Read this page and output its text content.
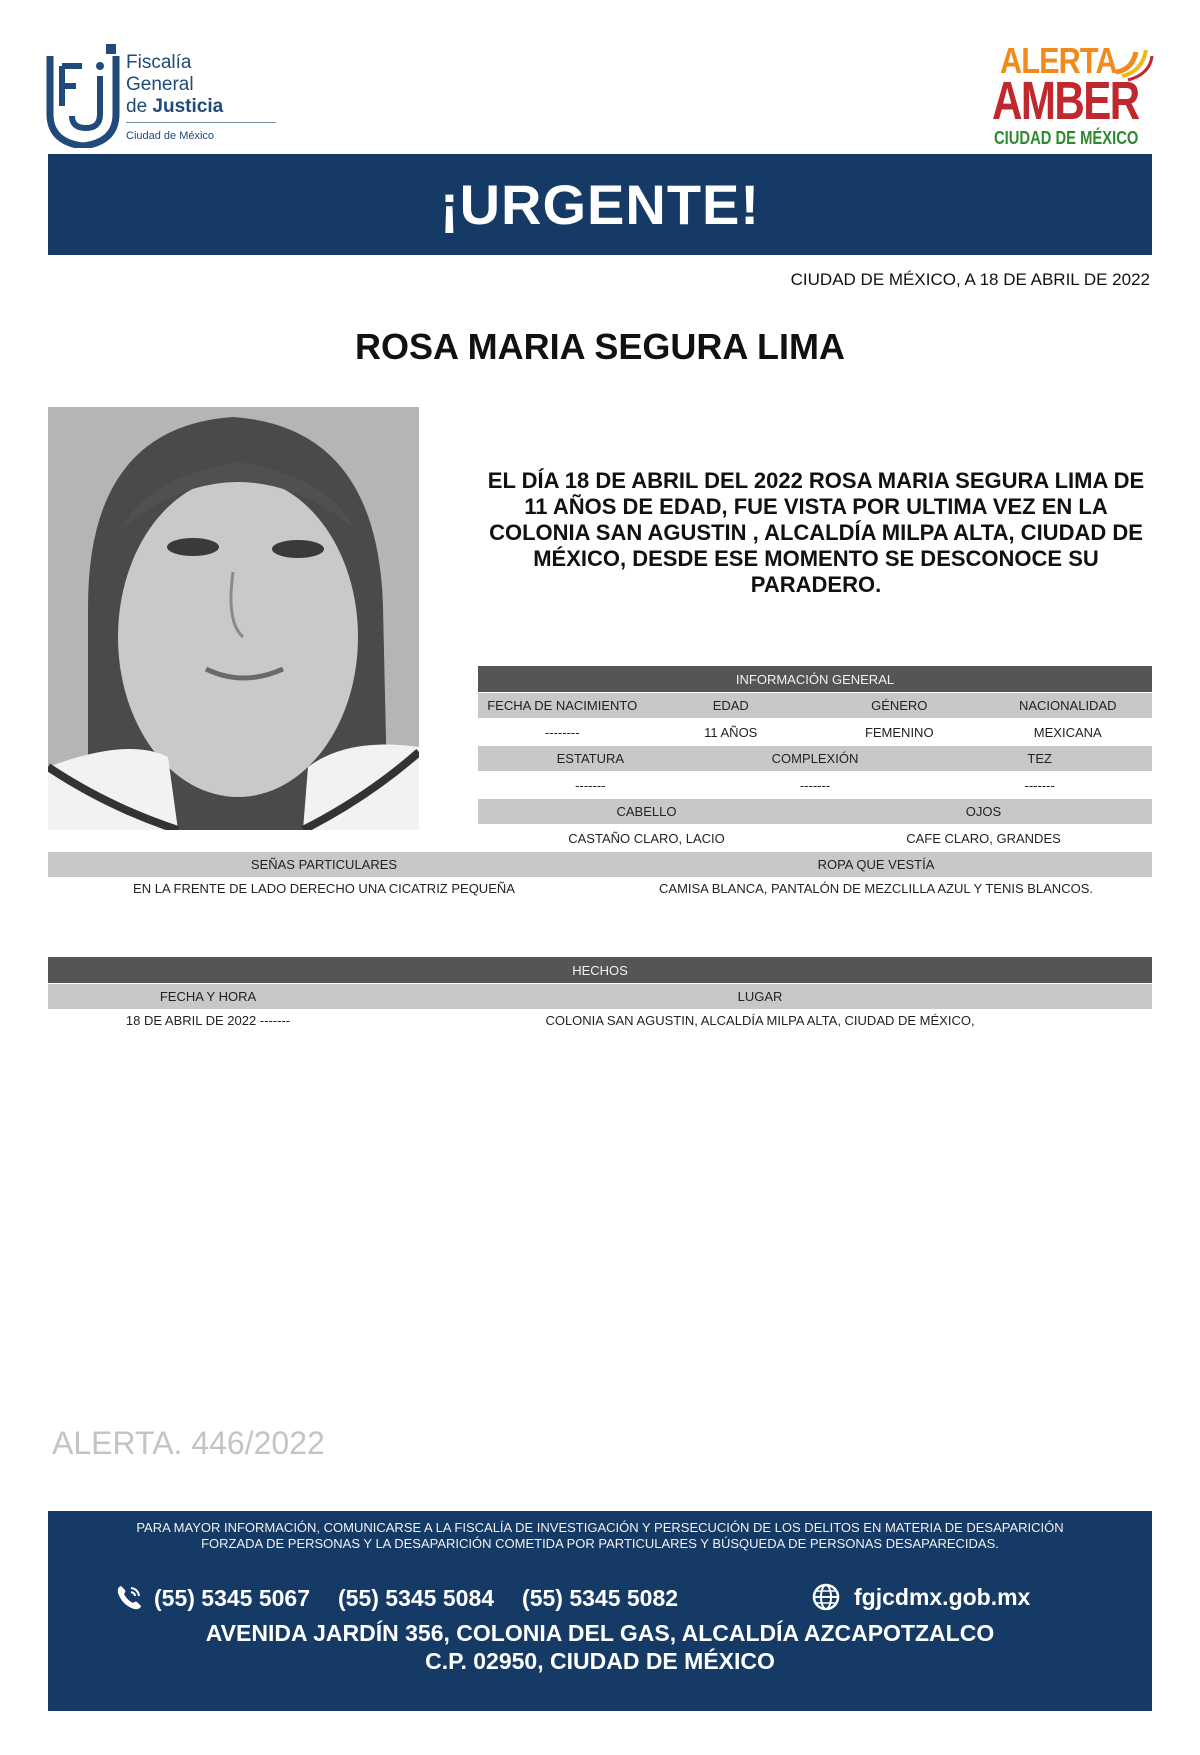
Fiscalía
General
de Justicia
Ciudad de México
ALERTA
AMBER
CIUDAD DE MÉXICO
¡URGENTE!
CIUDAD DE MÉXICO, A 18 DE ABRIL DE 2022
ROSA MARIA SEGURA LIMA
EL DÍA 18 DE ABRIL DEL 2022 ROSA MARIA SEGURA LIMA DE 11 AÑOS DE EDAD, FUE VISTA POR ULTIMA VEZ EN LA COLONIA SAN AGUSTIN , ALCALDÍA MILPA ALTA, CIUDAD DE MÉXICO, DESDE ESE MOMENTO SE DESCONOCE SU PARADERO.
INFORMACIÓN GENERAL
FECHA DE NACIMIENTO	EDAD	GÉNERO	NACIONALIDAD
--------	11 AÑOS	FEMENINO	MEXICANA
ESTATURA	COMPLEXIÓN	TEZ
-------	-------	-------
CABELLO	OJOS
CASTAÑO CLARO, LACIO	CAFE CLARO, GRANDES
SEÑAS PARTICULARES	ROPA QUE VESTÍA
EN LA FRENTE DE LADO DERECHO UNA CICATRIZ PEQUEÑA	CAMISA BLANCA, PANTALÓN DE MEZCLILLA AZUL Y TENIS BLANCOS.
HECHOS
FECHA Y HORA	LUGAR
18 DE ABRIL DE 2022 -------	COLONIA SAN AGUSTIN, ALCALDÍA MILPA ALTA, CIUDAD DE MÉXICO,
ALERTA. 446/2022
PARA MAYOR INFORMACIÓN, COMUNICARSE A LA FISCALÍA DE INVESTIGACIÓN Y PERSECUCIÓN DE LOS DELITOS EN MATERIA DE DESAPARICIÓN
FORZADA DE PERSONAS Y LA DESAPARICIÓN COMETIDA POR PARTICULARES Y BÚSQUEDA DE PERSONAS DESAPARECIDAS.
(55) 5345 5067 (55) 5345 5084 (55) 5345 5082	fgjcdmx.gob.mx
AVENIDA JARDÍN 356, COLONIA DEL GAS, ALCALDÍA AZCAPOTZALCO
C.P. 02950, CIUDAD DE MÉXICO
